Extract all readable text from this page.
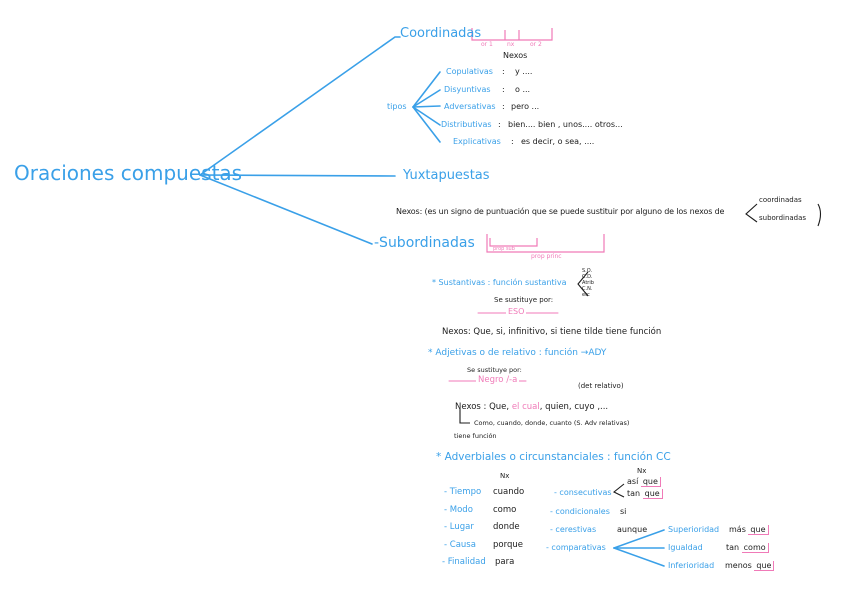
Oraciones compuestas
Coordinadas
or 1 nx	or 2
Nexos
tipos
Copulativas : y ....
Disyuntivas : o ...
Adversativas : pero ...
Distributivas : bien.... bien , unos.... otros...
Explicativas : es decir, o sea, ....
Yuxtapuestas
Nexos: (es un signo de puntuación que se puede sustituir por alguno de los nexos de
coordinadas
subordinadas
-Subordinadas	prop sub
prop princ
* Sustantivas : función sustantiva
S.O.
C.D.
Atrib
C.N.
etc
Se sustituye por:
ESO
Nexos: Que, si, infinitivo, si tiene tilde tiene función
* Adjetivas o de relativo : función →ADY
Se sustituye por:
Negro /-a
(det relativo)
Nexos : Que, el cual, quien, cuyo ,...
Como, cuando, donde, cuanto (S. Adv relativas)
tiene función
* Adverbiales o circunstanciales : función CC
Nx
- Tiempo cuando
- Modo como
- Lugar donde
- Causa porque
- Finalidad para
- consecutivas
Nx
así que
tan que
- condicionales si
- cerestivas	aunque
- comparativas
Superioridad más que
Igualdad	tan como
Inferioridad menos que
